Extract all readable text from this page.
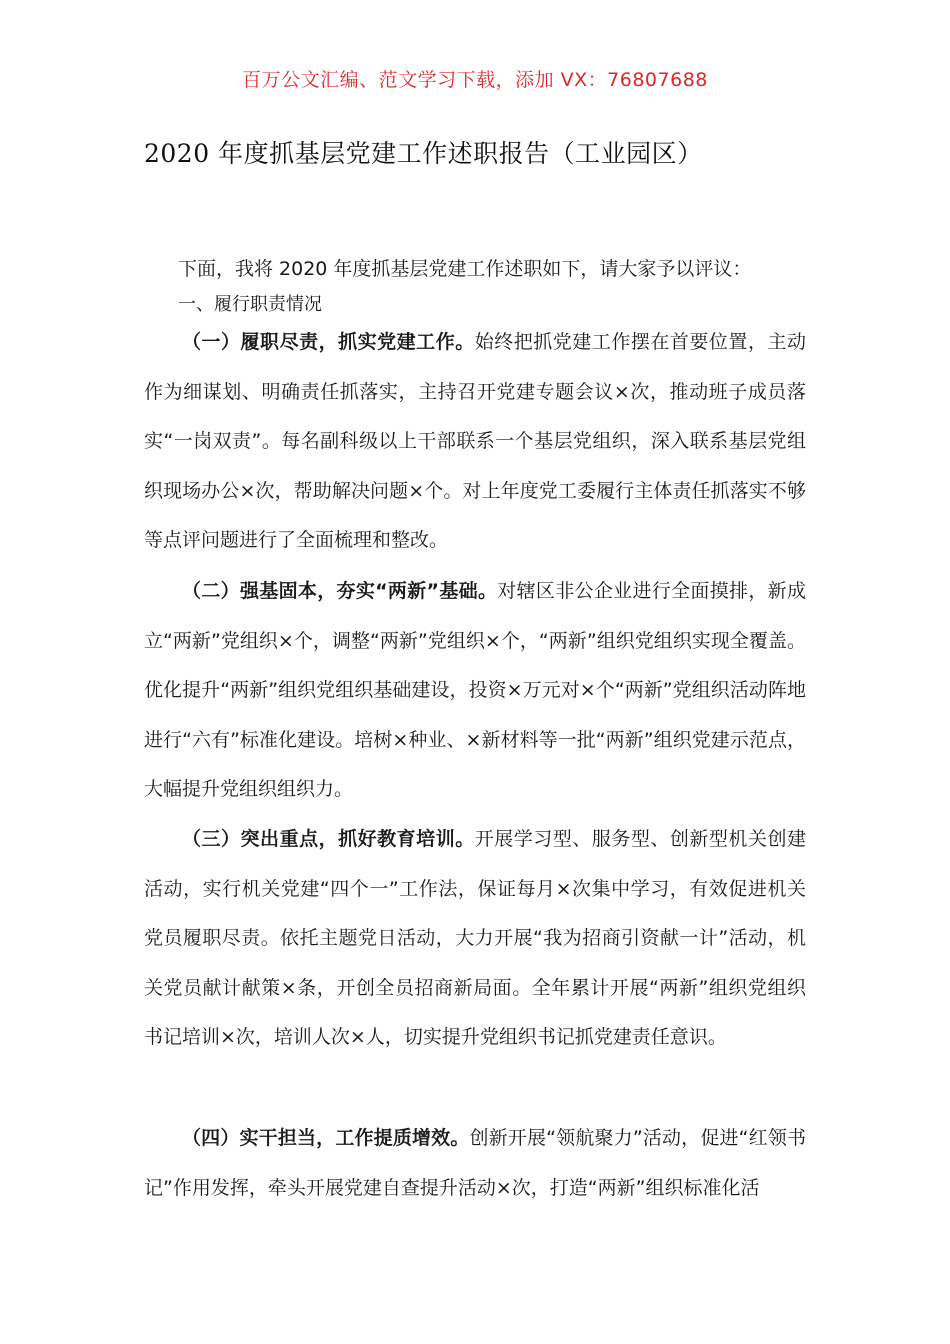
百万公文汇编、范文学习下载，添加 VX：76807688
2020 年度抓基层党建工作述职报告（工业园区）
下面，我将 2020 年度抓基层党建工作述职如下，请大家予以评议：
一、履行职责情况

（一）履职尽责，抓实党建工作。始终把抓党建工作摆在首要位置，主动作为细谋划、明确责任抓落实，主持召开党建专题会议×次，推动班子成员落实“一岗双责”。每名副科级以上干部联系一个基层党组织，深入联系基层党组织现场办公×次，帮助解决问题×个。对上年度党工委履行主体责任抓落实不够等点评问题进行了全面梳理和整改。

（二）强基固本，夯实“两新”基础。对辖区非公企业进行全面摸排，新成立“两新”党组织×个，调整“两新”党组织×个，“两新”组织党组织实现全覆盖。优化提升“两新”组织党组织基础建设，投资×万元对×个“两新”党组织活动阵地进行“六有”标准化建设。培树×种业、×新材料等一批“两新”组织党建示范点，大幅提升党组织组织力。

（三）突出重点，抓好教育培训。开展学习型、服务型、创新型机关创建活动，实行机关党建“四个一”工作法，保证每月×次集中学习，有效促进机关党员履职尽责。依托主题党日活动，大力开展“我为招商引资献一计”活动，机关党员献计献策×条，开创全员招商新局面。全年累计开展“两新”组织党组织书记培训×次，培训人次×人，切实提升党组织书记抓党建责任意识。

（四）实干担当，工作提质增效。创新开展“领航聚力”活动，促进“红领书记”作用发挥，牵头开展党建自查提升活动×次，打造“两新”组织标准化活
